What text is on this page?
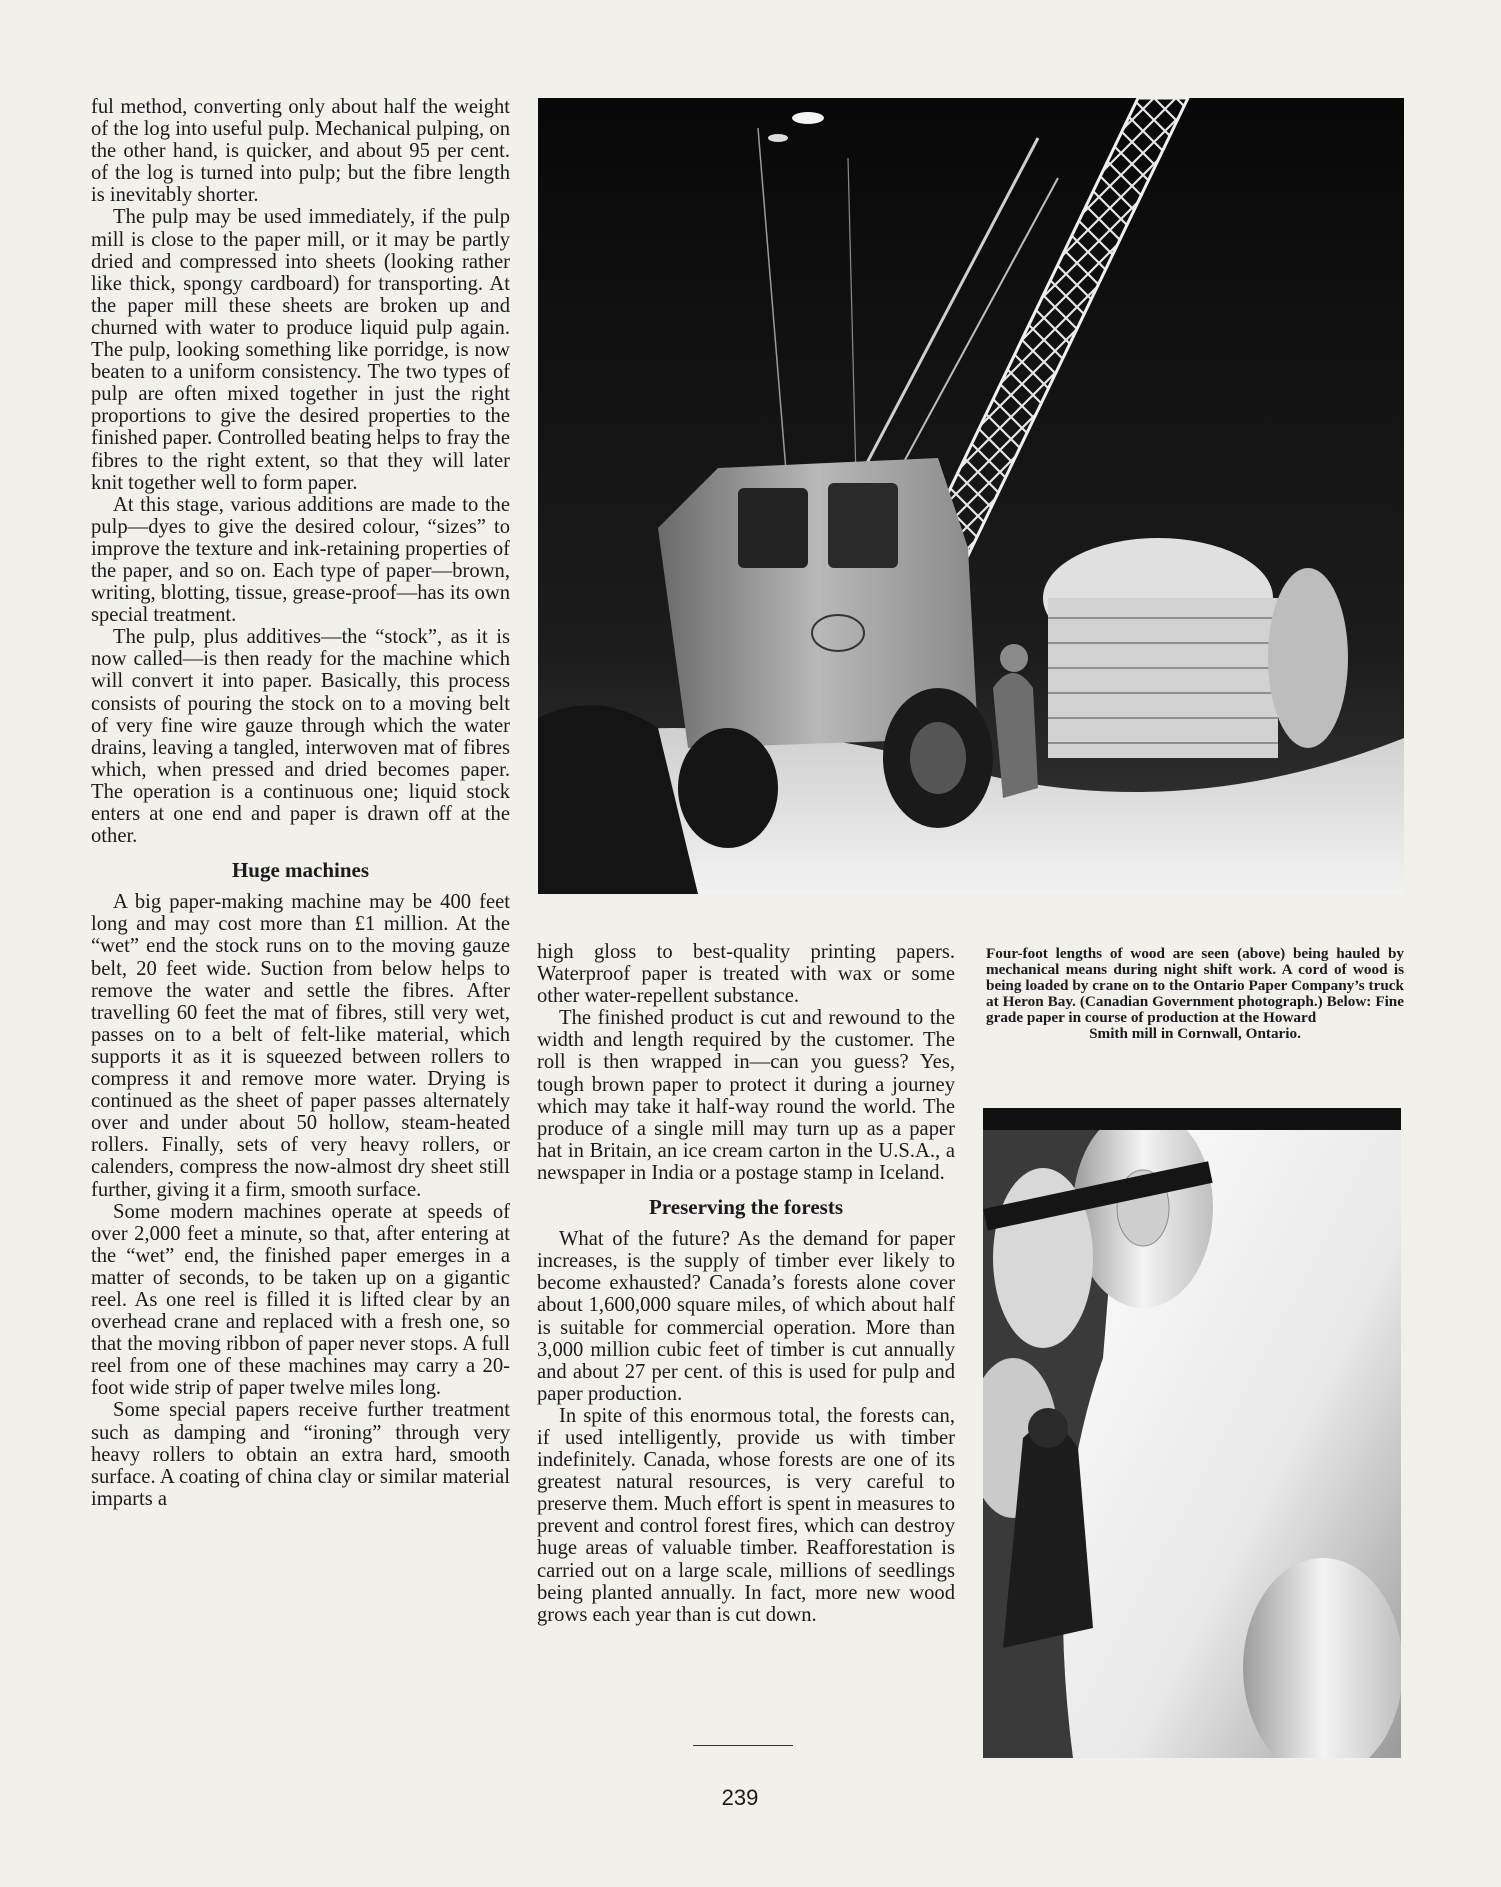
ful method, converting only about half the weight of the log into useful pulp. Mechanical pulping, on the other hand, is quicker, and about 95 per cent. of the log is turned into pulp; but the fibre length is inevitably shorter.

The pulp may be used immediately, if the pulp mill is close to the paper mill, or it may be partly dried and compressed into sheets (looking rather like thick, spongy cardboard) for transporting. At the paper mill these sheets are broken up and churned with water to produce liquid pulp again. The pulp, looking something like porridge, is now beaten to a uniform consistency. The two types of pulp are often mixed together in just the right proportions to give the desired properties to the finished paper. Controlled beating helps to fray the fibres to the right extent, so that they will later knit together well to form paper.

At this stage, various additions are made to the pulp—dyes to give the desired colour, “sizes” to improve the texture and ink-retaining properties of the paper, and so on. Each type of paper—brown, writing, blotting, tissue, grease-proof—has its own special treatment.

The pulp, plus additives—the “stock”, as it is now called—is then ready for the machine which will convert it into paper. Basically, this process consists of pouring the stock on to a moving belt of very fine wire gauze through which the water drains, leaving a tangled, interwoven mat of fibres which, when pressed and dried becomes paper. The operation is a continuous one; liquid stock enters at one end and paper is drawn off at the other.

Huge machines

A big paper-making machine may be 400 feet long and may cost more than £1 million. At the “wet” end the stock runs on to the moving gauze belt, 20 feet wide. Suction from below helps to remove the water and settle the fibres. After travelling 60 feet the mat of fibres, still very wet, passes on to a belt of felt-like material, which supports it as it is squeezed between rollers to compress it and remove more water. Drying is continued as the sheet of paper passes alternately over and under about 50 hollow, steam-heated rollers. Finally, sets of very heavy rollers, or calenders, compress the now-almost dry sheet still further, giving it a firm, smooth surface.

Some modern machines operate at speeds of over 2,000 feet a minute, so that, after entering at the “wet” end, the finished paper emerges in a matter of seconds, to be taken up on a gigantic reel. As one reel is filled it is lifted clear by an overhead crane and replaced with a fresh one, so that the moving ribbon of paper never stops. A full reel from one of these machines may carry a 20-foot wide strip of paper twelve miles long.

Some special papers receive further treatment such as damping and “ironing” through very heavy rollers to obtain an extra hard, smooth surface. A coating of china clay or similar material imparts a

high gloss to best-quality printing papers. Waterproof paper is treated with wax or some other water-repellent substance.

The finished product is cut and rewound to the width and length required by the customer. The roll is then wrapped in—can you guess? Yes, tough brown paper to protect it during a journey which may take it half-way round the world. The produce of a single mill may turn up as a paper hat in Britain, an ice cream carton in the U.S.A., a newspaper in India or a postage stamp in Iceland.

Preserving the forests

What of the future? As the demand for paper increases, is the supply of timber ever likely to become exhausted? Canada’s forests alone cover about 1,600,000 square miles, of which about half is suitable for commercial operation. More than 3,000 million cubic feet of timber is cut annually and about 27 per cent. of this is used for pulp and paper production.

In spite of this enormous total, the forests can, if used intelligently, provide us with timber indefinitely. Canada, whose forests are one of its greatest natural resources, is very careful to preserve them. Much effort is spent in measures to prevent and control forest fires, which can destroy huge areas of valuable timber. Reafforestation is carried out on a large scale, millions of seedlings being planted annually. In fact, more new wood grows each year than is cut down.

Four-foot lengths of wood are seen (above) being hauled by mechanical means during night shift work. A cord of wood is being loaded by crane on to the Ontario Paper Company’s truck at Heron Bay. (Canadian Government photograph.) Below: Fine grade paper in course of production at the Howard
Smith mill in Cornwall, Ontario.
239
